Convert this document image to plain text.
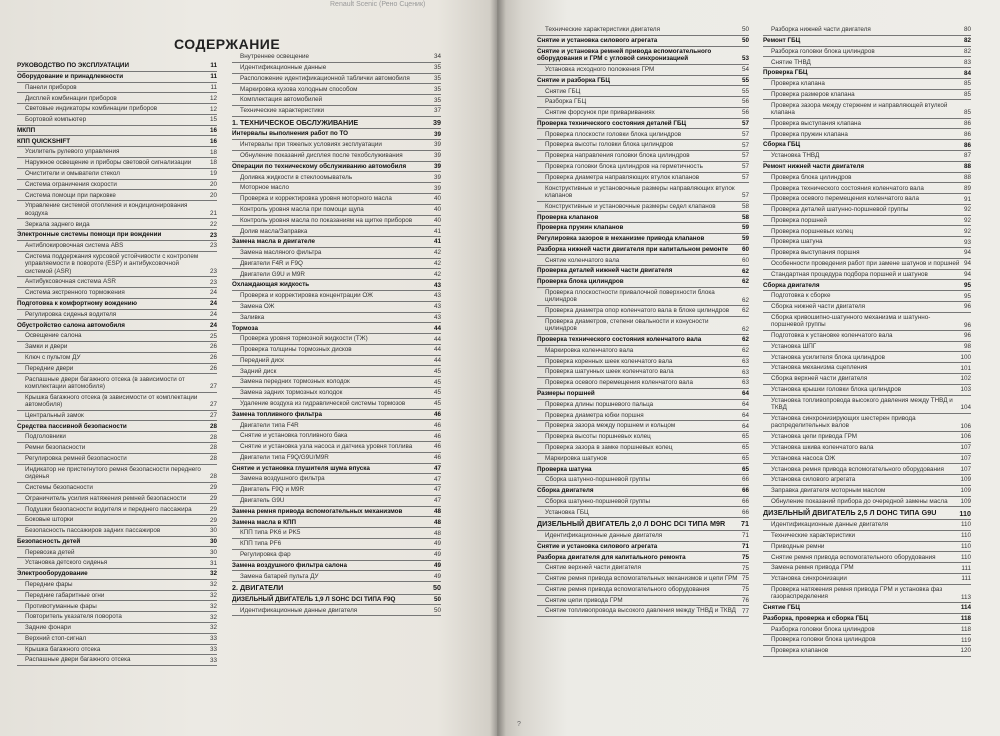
Renault Scenic (Рено Сценик)
СОДЕРЖАНИЕ
РУКОВОДСТВО ПО ЭКСПЛУАТАЦИИ	11
Оборудование и принадлежности	11
Панели приборов	11
Дисплей комбинации приборов	12
Световые индикаторы комбинации приборов	12
Бортовой компьютер	15
МКПП	16
КПП QUICKSHIFT	16
Усилитель рулевого управления	18
Наружное освещение и приборы световой сигнализации	18
Очистители и омыватели стекол	19
Система ограничения скорости	20
Система помощи при парковке	20
Управление системой отопления и кондиционирования воздуха	21
Зеркала заднего вида	22
Электронные системы помощи при вождении	23
Антиблокировочная система ABS	23
Система поддержания курсовой устойчивости с контролем управляемости в повороте (ESP) и антибуксовочной системой (ASR)	23
Антибуксовочная система ASR	23
Система экстренного торможения	24
Подготовка к комфортному вождению	24
Регулировка сиденья водителя	24
Обустройство салона автомобиля	24
Освещение салона	25
Замки и двери	26
Ключ с пультом ДУ	26
Передние двери	26
Распашные двери багажного отсека (в зависимости от комплектации автомобиля)	27
Крышка багажного отсека (в зависимости от комплектации автомобиля)	27
Центральный замок	27
Средства пассивной безопасности	28
Подголовники	28
Ремни безопасности	28
Регулировка ремней безопасности	28
Индикатор не пристегнутого ремня безопасности переднего сиденья	28
Системы безопасности	29
Ограничитель усилия натяжения ремней безопасности	29
Подушки безопасности водителя и переднего пассажира	29
Боковые шторки	29
Безопасность пассажиров задних пассажиров	30
Безопасность детей	30
Перевозка детей	30
Установка детского сиденья	31
Электрооборудование	32
Передние фары	32
Передние габаритные огни	32
Противотуманные фары	32
Повторитель указателя поворота	32
Задние фонари	32
Верхний стоп-сигнал	33
Крышка багажного отсека	33
Распашные двери багажного отсека	33
Внутреннее освещение	34
Идентификационные данные	35
Расположение идентификационной таблички автомобиля	35
Маркировка кузова холодным способом	35
Комплектация автомобилей	35
Технические характеристики	37
1. ТЕХНИЧЕСКОЕ ОБСЛУЖИВАНИЕ	39
Интервалы выполнения работ по ТО	39
Интервалы при тяжелых условиях эксплуатации	39
Обнуление показаний дисплея после техобслуживания	39
Операции по техническому обслуживанию автомобиля	39
Доливка жидкости в стеклоомыватель	39
Моторное масло	39
Проверка и корректировка уровня моторного масла	40
Контроль уровня масла при помощи щупа	40
Контроль уровня масла по показаниям на щитке приборов	40
Долив масла/Заправка	41
Замена масла в двигателе	41
Замена масляного фильтра	42
Двигатели F4R и F9Q	42
Двигатели G9U и M9R	42
Охлаждающая жидкость	43
Проверка и корректировка концентрации ОЖ	43
Замена ОЖ	43
Заливка	43
Тормоза	44
Проверка уровня тормозной жидкости (ТЖ)	44
Проверка толщины тормозных дисков	44
Передний диск	44
Задний диск	45
Замена передних тормозных колодок	45
Замена задних тормозных колодок	45
Удаление воздуха из гидравлической системы тормозов	45
Замена топливного фильтра	46
Двигатели типа F4R	46
Снятие и установка топливного бака	46
Снятие и установка узла насоса и датчика уровня топлива	46
Двигатели типа F9Q/G9U/M9R	46
Снятие и установка глушителя шума впуска	47
Замена воздушного фильтра	47
Двигатель F9Q и M9R	47
Двигатель G9U	47
Замена ремня привода вспомогательных механизмов	48
Замена масла в КПП	48
КПП типа PK6 и PK5	48
КПП типа PF6	49
Регулировка фар	49
Замена воздушного фильтра салона	49
Замена батарей пульта ДУ	49
2. ДВИГАТЕЛИ	50
ДИЗЕЛЬНЫЙ ДВИГАТЕЛЬ 1,9 Л SOHC DCI ТИПА F9Q	50
Идентификационные данные двигателя	50
Технические характеристики двигателя	50
Снятие и установка силового агрегата	50
Снятие и установка ремней привода вспомогательного оборудования и ГРМ с угловой синхронизацией	53
Установка исходного положения ГРМ	54
Снятие и разборка ГБЦ	55
Снятие ГБЦ	55
Разборка ГБЦ	56
Снятие форсунок при привариваниях	56
Проверка технического состояния деталей ГБЦ	57
Проверка плоскости головки блока цилиндров	57
Проверка высоты головки блока цилиндров	57
Проверка направления головки блока цилиндров	57
Проверка головки блока цилиндров на герметичность	57
Проверка диаметра направляющих втулок клапанов	57
Конструктивные и установочные размеры направляющих втулок клапанов	57
Конструктивные и установочные размеры седел клапанов	58
Проверка клапанов	58
Проверка пружин клапанов	59
Регулировка зазоров в механизме привода клапанов	59
Разборка нижней части двигателя при капитальном ремонте 60
Снятие коленчатого вала	60
Проверка деталей нижней части двигателя	62
Проверка блока цилиндров	62
Проверка плоскостности привалочной поверхности блока цилиндров	62
Проверка диаметра опор коленчатого вала в блоке цилиндров 62
Проверка диаметров, степени овальности и конусности цилиндров	62
Проверка технического состояния коленчатого вала	62
Маркировка коленчатого вала	62
Проверка коренных шеек коленчатого вала	63
Проверка шатунных шеек коленчатого вала	63
Проверка осевого перемещения коленчатого вала	63
Размеры поршней	64
Проверка длины поршневого пальца	64
Проверка диаметра юбки поршня	64
Проверка зазора между поршнем и кольцом	64
Проверка высоты поршневых колец	65
Проверка зазора в замке поршневых колец	65
Маркировка шатунов	65
Проверка шатуна	65
Сборка шатунно-поршневой группы	66
Сборка двигателя	66
Сборка шатунно-поршневой группы	66
Установка ГБЦ	66
ДИЗЕЛЬНЫЙ ДВИГАТЕЛЬ 2,0 Л DOHC DCI ТИПА M9R 71
Идентификационные данные двигателя	71
Снятие и установка силового агрегата	71
Разборка двигателя для капитального ремонта	75
Снятие верхней части двигателя	75
Снятие ремня привода вспомогательных механизмов и цепи ГРМ 75
Снятие ремня привода вспомогательного оборудования	75
Снятие цепи привода ГРМ	76
Снятие топливопровода высокого давления между ТНВД и ТКВД 77
Разборка нижней части двигателя	80
Ремонт ГБЦ	82
Разборка головки блока цилиндров	82
Снятие ТНВД	83
Проверка ГБЦ	84
Проверка клапана	85
Проверка размеров клапана	85
Проверка зазора между стержнем и направляющей втулкой клапана	85
Проверка выступания клапана	86
Проверка пружин клапана	86
Сборка ГБЦ	86
Установка ТНВД	87
Ремонт нижней части двигателя	88
Проверка блока цилиндров	88
Проверка технического состояния коленчатого вала	89
Проверка осевого перемещения коленчатого вала	91
Проверка деталей шатунно-поршневой группы	92
Проверка поршней	92
Проверка поршневых колец	92
Проверка шатуна	93
Проверка выступания поршня	94
Особенности проведения работ при замене шатунов и поршней 94
Стандартная процедура подбора поршней и шатунов	94
Сборка двигателя	95
Подготовка к сборке	95
Сборка нижней части двигателя	96
Сборка кривошипно-шатунного механизма и шатунно-поршневой группы	96
Подготовка к установке коленчатого вала	96
Установка ШПГ	98
Установка усилителя блока цилиндров	100
Установка механизма сцепления	101
Сборка верхней части двигателя	102
Установка крышки головки блока цилиндров	103
Установка топливопровода высокого давления между ТНВД и ТКВД	104
Установка синхронизирующих шестерен привода распределительных валов	106
Установка цепи привода ГРМ	106
Установка шкива коленчатого вала	107
Установка насоса ОЖ	107
Установка ремня привода вспомогательного оборудования	107
Установка силового агрегата	109
Заправка двигателя моторным маслом	109
Обнуление показаний прибора до очередной замены масла 109
ДИЗЕЛЬНЫЙ ДВИГАТЕЛЬ 2,5 Л DOHC ТИПА G9U	110
Идентификационные данные двигателя	110
Технические характеристики	110
Приводные ремни	110
Снятие ремня привода вспомогательного оборудования	110
Замена ремня привода ГРМ	111
Установка синхронизации	111
Проверка натяжения ремня привода ГРМ и установка фаз газораспределения	113
Снятие ГБЦ	114
Разборка, проверка и сборка ГБЦ	118
Разборка головки блока цилиндров	118
Проверка головки блока цилиндров	119
Проверка клапанов	120
?
